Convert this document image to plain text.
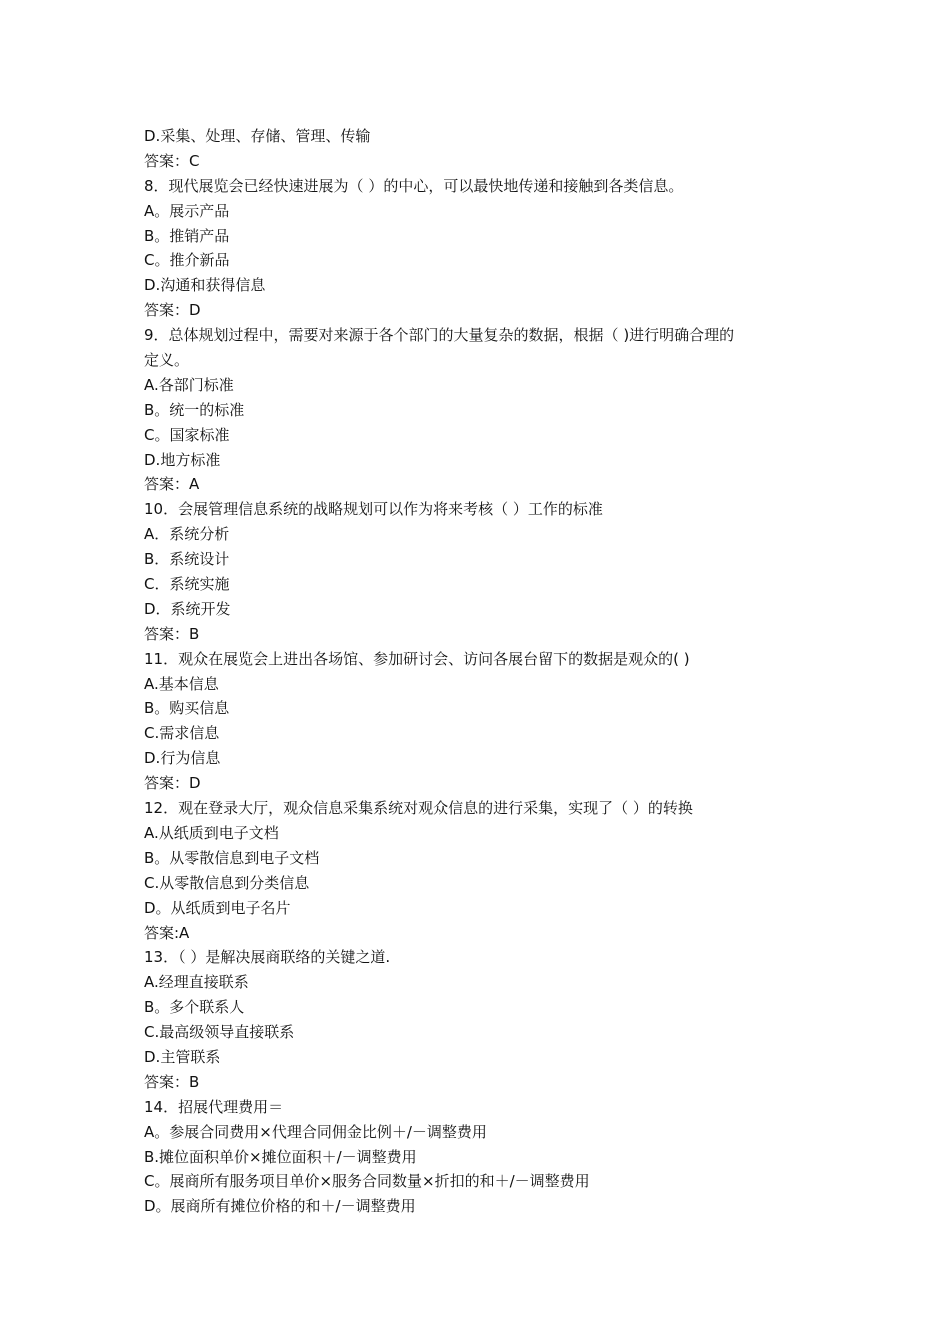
D.采集、处理、存储、管理、传输
答案：C
8．现代展览会已经快速进展为（ ）的中心，可以最快地传递和接触到各类信息。
A。展示产品
B。推销产品
C。推介新品
D.沟通和获得信息
答案：D
9．总体规划过程中，需要对来源于各个部门的大量复杂的数据，根据（ )进行明确合理的
定义。
A.各部门标准
B。统一的标准
C。国家标准
D.地方标准
答案：A
10．会展管理信息系统的战略规划可以作为将来考核（ ）工作的标准
A．系统分析
B．系统设计
C．系统实施
D．系统开发
答案：B
11．观众在展览会上进出各场馆、参加研讨会、访问各展台留下的数据是观众的( )
A.基本信息
B。购买信息
C.需求信息
D.行为信息
答案：D
12．观在登录大厅，观众信息采集系统对观众信息的进行采集，实现了（ ）的转换
A.从纸质到电子文档
B。从零散信息到电子文档
C.从零散信息到分类信息
D。从纸质到电子名片
答案:A
13．（ ）是解决展商联络的关键之道.
A.经理直接联系
B。多个联系人
C.最高级领导直接联系
D.主管联系
答案：B
14．招展代理费用＝
A。参展合同费用×代理合同佣金比例＋/－调整费用
B.摊位面积单价×摊位面积＋/－调整费用
C。展商所有服务项目单价×服务合同数量×折扣的和＋/－调整费用
D。展商所有摊位价格的和＋/－调整费用
